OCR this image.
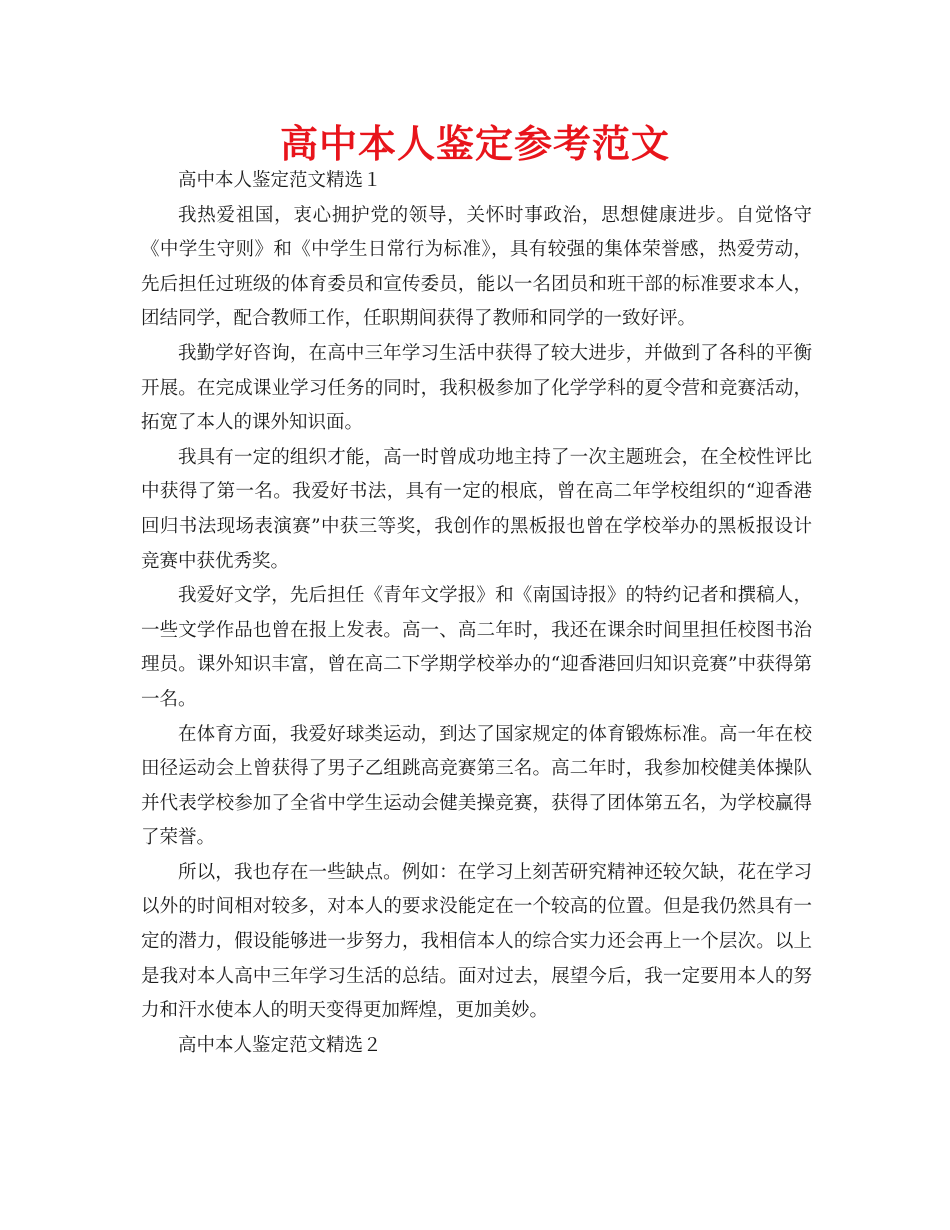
高中本人鉴定参考范文

高中本人鉴定范文精选１

我热爱祖国，衷心拥护党的领导，关怀时事政治，思想健康进步。自觉恪守《中学生守则》和《中学生日常行为标准》，具有较强的集体荣誉感，热爱劳动，先后担任过班级的体育委员和宣传委员，能以一名团员和班干部的标准要求本人，团结同学，配合教师工作，任职期间获得了教师和同学的一致好评。

我勤学好咨询，在高中三年学习生活中获得了较大进步，并做到了各科的平衡开展。在完成课业学习任务的同时，我积极参加了化学学科的夏令营和竞赛活动，拓宽了本人的课外知识面。

我具有一定的组织才能，高一时曾成功地主持了一次主题班会，在全校性评比中获得了第一名。我爱好书法，具有一定的根底，曾在高二年学校组织的“迎香港回归书法现场表演赛”中获三等奖，我创作的黑板报也曾在学校举办的黑板报设计竞赛中获优秀奖。

我爱好文学，先后担任《青年文学报》和《南国诗报》的特约记者和撰稿人，一些文学作品也曾在报上发表。高一、高二年时，我还在课余时间里担任校图书治理员。课外知识丰富，曾在高二下学期学校举办的“迎香港回归知识竞赛”中获得第一名。

在体育方面，我爱好球类运动，到达了国家规定的体育锻炼标准。高一年在校田径运动会上曾获得了男子乙组跳高竞赛第三名。高二年时，我参加校健美体操队并代表学校参加了全省中学生运动会健美操竞赛，获得了团体第五名，为学校赢得了荣誉。

所以，我也存在一些缺点。例如：在学习上刻苦研究精神还较欠缺，花在学习以外的时间相对较多，对本人的要求没能定在一个较高的位置。但是我仍然具有一定的潜力，假设能够进一步努力，我相信本人的综合实力还会再上一个层次。以上是我对本人高中三年学习生活的总结。面对过去，展望今后，我一定要用本人的努力和汗水使本人的明天变得更加辉煌，更加美妙。

高中本人鉴定范文精选２
